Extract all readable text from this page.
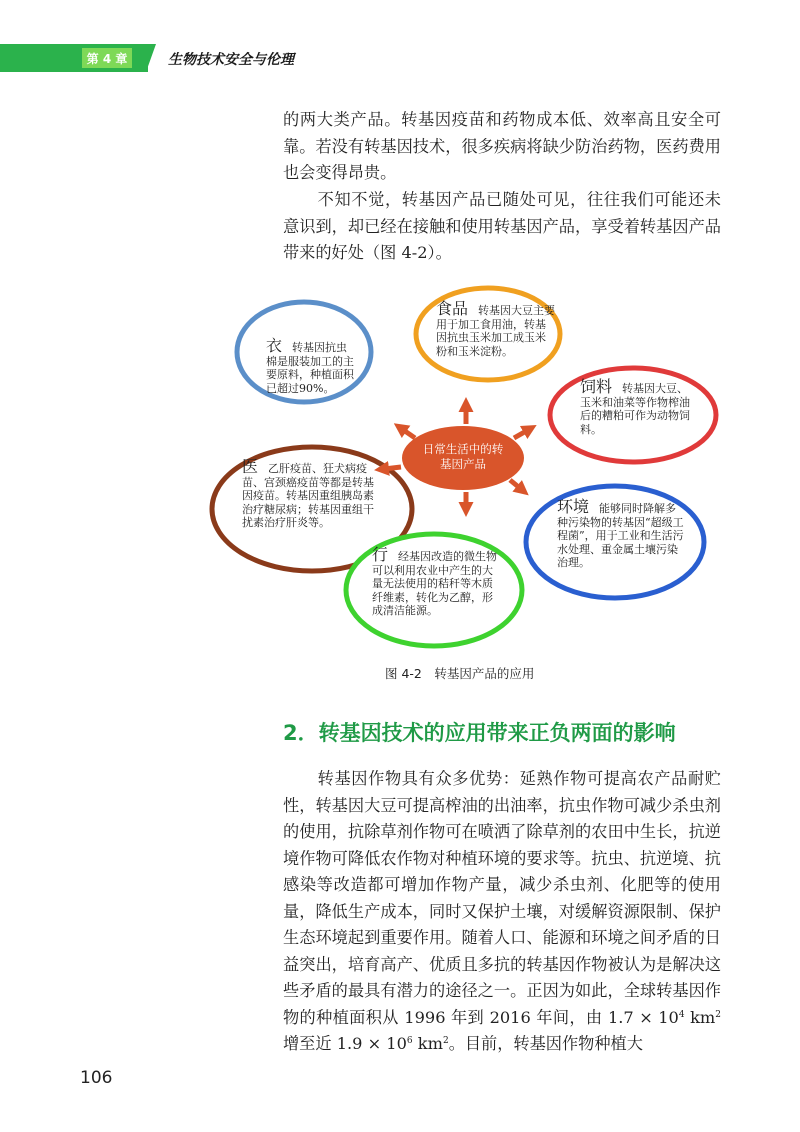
第 4 章	生物技术安全与伦理

的两大类产品。转基因疫苗和药物成本低、效率高且安全可靠。若没有转基因技术，很多疾病将缺少防治药物，医药费用也会变得昂贵。

不知不觉，转基因产品已随处可见，往往我们可能还未意识到，却已经在接触和使用转基因产品，享受着转基因产品带来的好处（图 4-2）。

衣 转基因抗虫棉是服装加工的主要原料，种植面积已超过90%。
食品 转基因大豆主要用于加工食用油，转基因抗虫玉米加工成玉米粉和玉米淀粉。
饲料 转基因大豆、玉米和油菜等作物榨油后的糟粕可作为动物饲料。
医 乙肝疫苗、狂犬病疫苗、宫颈癌疫苗等都是转基因疫苗。转基因重组胰岛素治疗糖尿病；转基因重组干扰素治疗肝炎等。
环境 能够同时降解多种污染物的转基因“超级工程菌”，用于工业和生活污水处理、重金属土壤污染治理。
行 经基因改造的微生物可以利用农业中产生的大量无法使用的秸秆等木质纤维素，转化为乙醇，形成清洁能源。
日常生活中的转基因产品
图 4-2　转基因产品的应用
2．转基因技术的应用带来正负两面的影响

转基因作物具有众多优势：延熟作物可提高农产品耐贮性，转基因大豆可提高榨油的出油率，抗虫作物可减少杀虫剂的使用，抗除草剂作物可在喷洒了除草剂的农田中生长，抗逆境作物可降低农作物对种植环境的要求等。抗虫、抗逆境、抗感染等改造都可增加作物产量，减少杀虫剂、化肥等的使用量，降低生产成本，同时又保护土壤，对缓解资源限制、保护生态环境起到重要作用。随着人口、能源和环境之间矛盾的日益突出，培育高产、优质且多抗的转基因作物被认为是解决这些矛盾的最具有潜力的途径之一。正因为如此，全球转基因作物的种植面积从 1996 年到 2016 年间，由 $1.7 \times 10^4$ $km^2$ 增至近 $1.9 \times 10^6$ $km^2$。目前，转基因作物种植大

106
